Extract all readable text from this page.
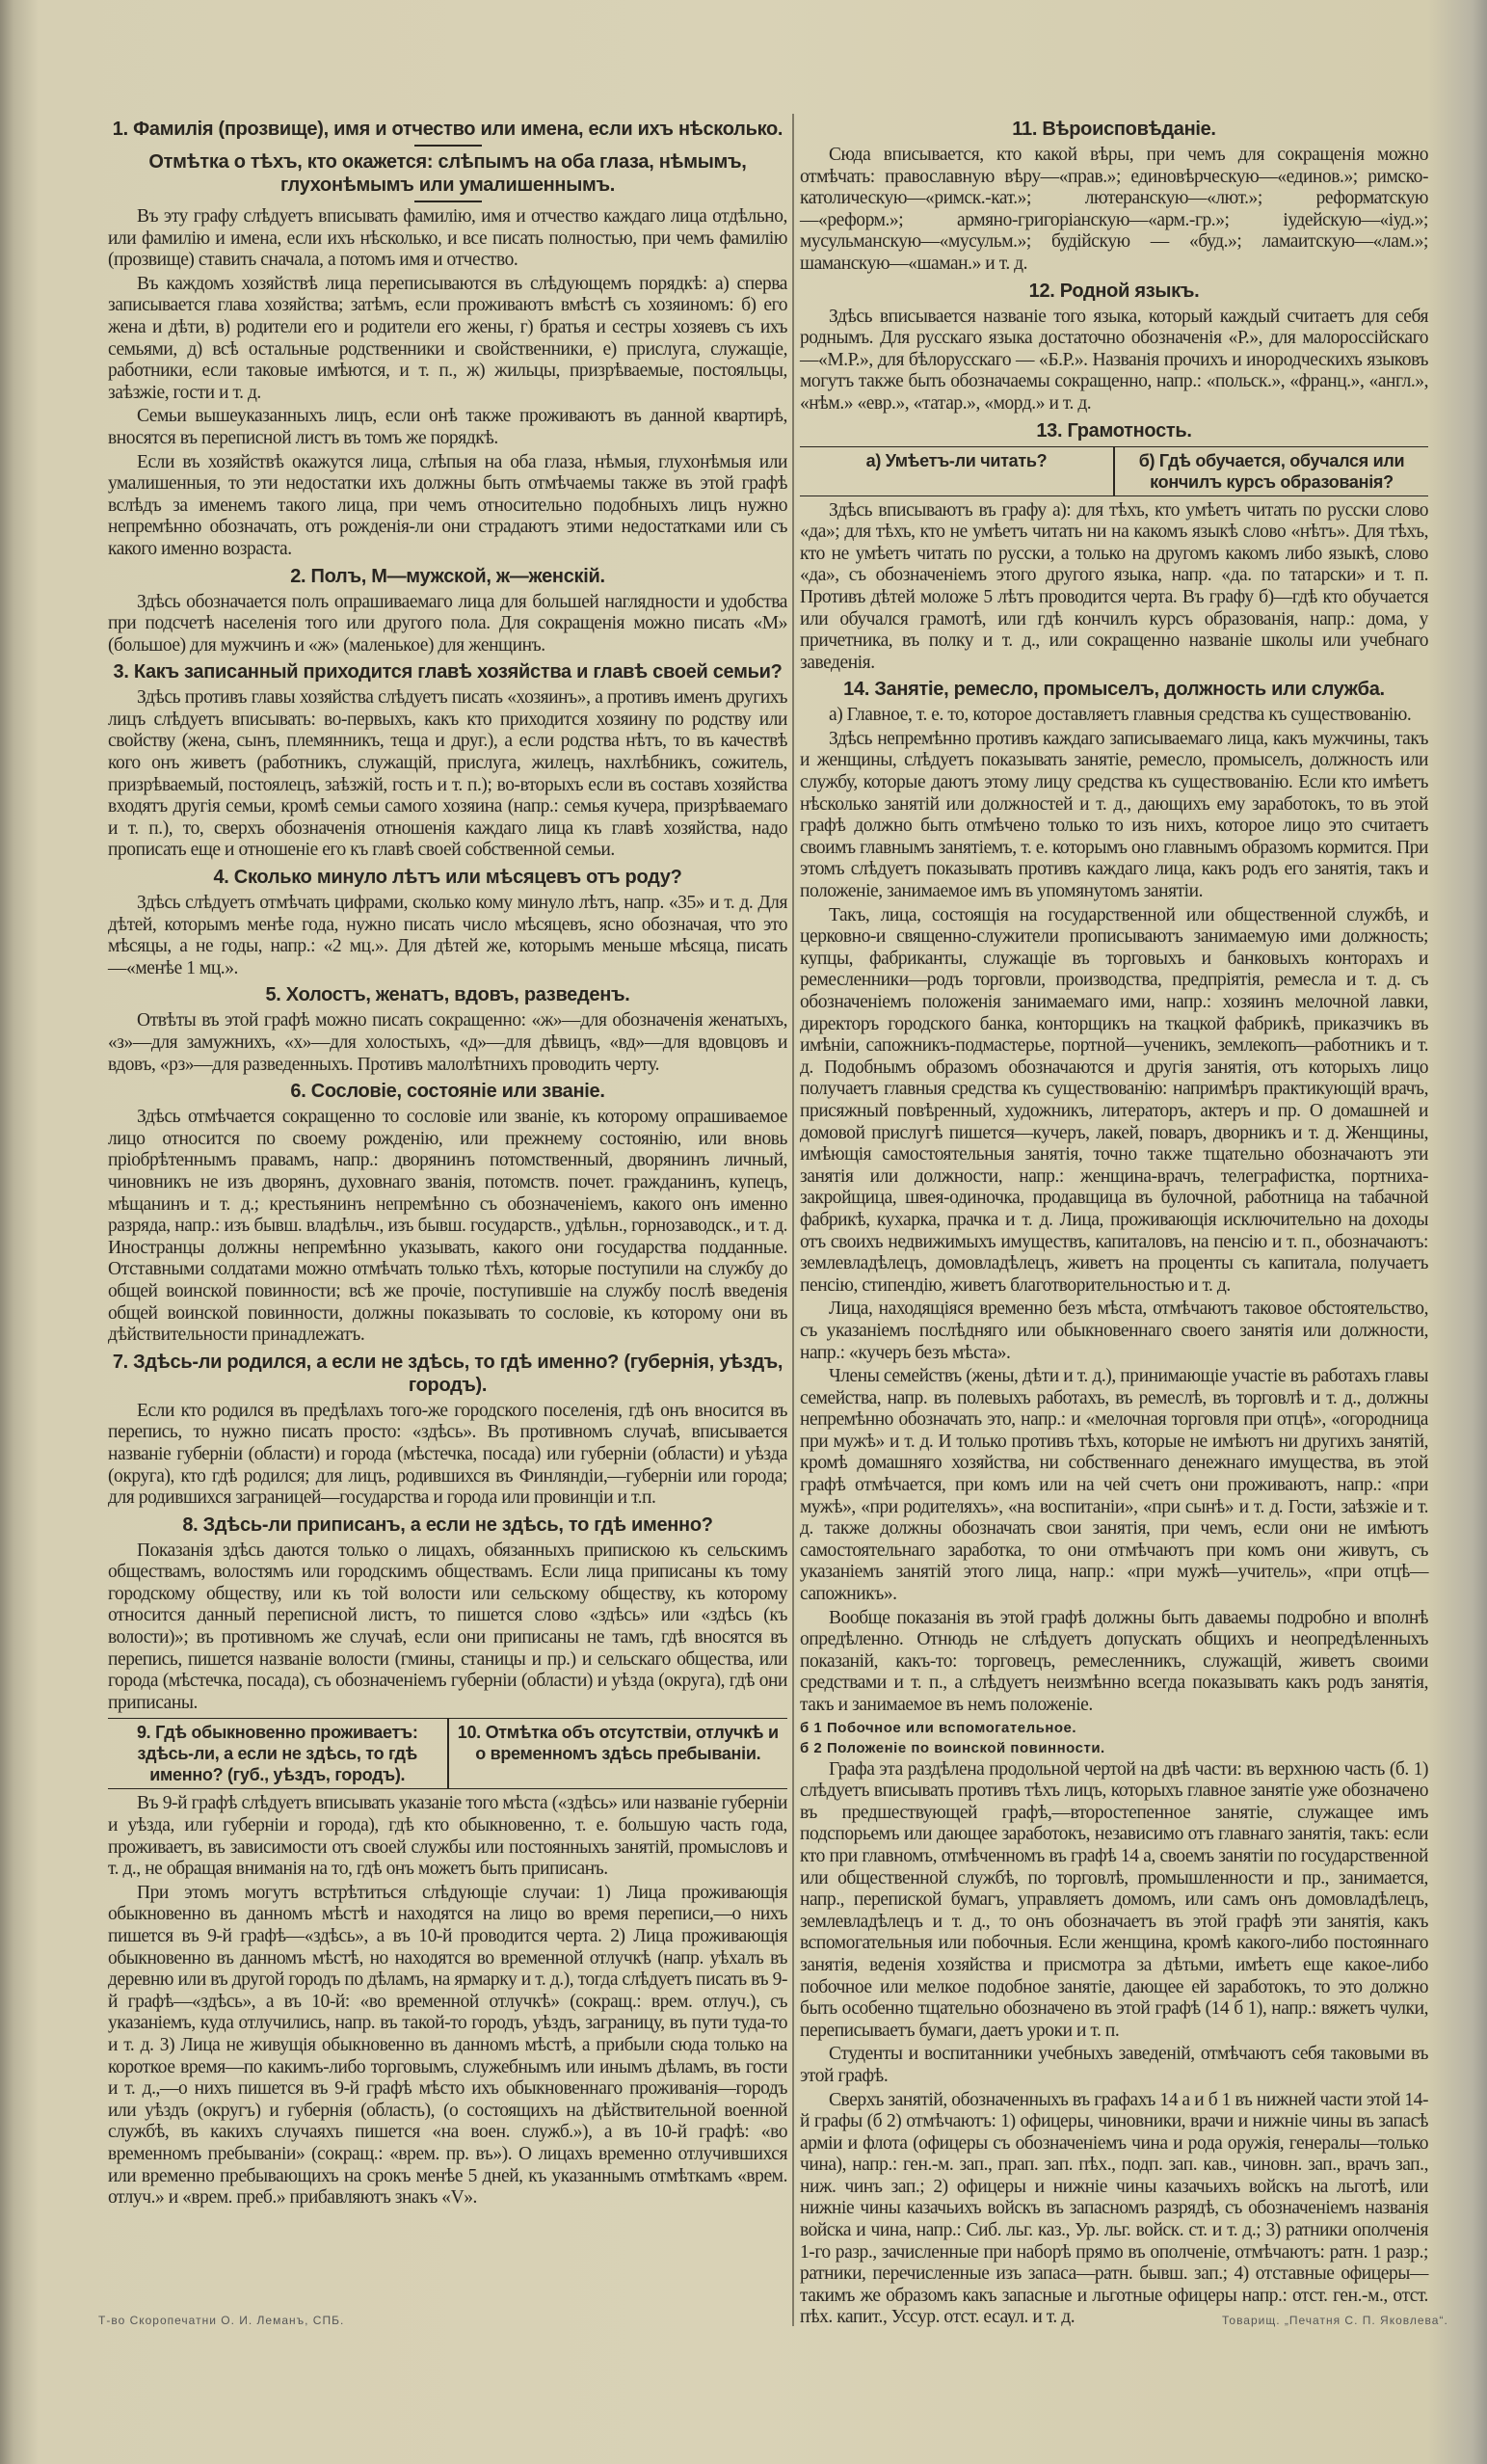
1. Фамилія (прозвище), имя и отчество или имена, если ихъ нѣсколько.
Отмѣтка о тѣхъ, кто окажется: слѣпымъ на оба глаза, нѣмымъ, глухонѣмымъ или умалишеннымъ.
Въ эту графу слѣдуетъ вписывать фамилію, имя и отчество каждаго лица отдѣльно, или фамилію и имена, если ихъ нѣсколько, и все писать полностью, при чемъ фамилію (прозвище) ставить сначала, а потомъ имя и отчество.
Въ каждомъ хозяйствѣ лица переписываются въ слѣдующемъ порядкѣ: а) сперва записывается глава хозяйства; затѣмъ, если проживаютъ вмѣстѣ съ хозяиномъ: б) его жена и дѣти, в) родители его и родители его жены, г) братья и сестры хозяевъ съ ихъ семьями, д) всѣ остальные родственники и свойственники, е) прислуга, служащіе, работники, если таковые имѣются, и т. п., ж) жильцы, призрѣваемые, постояльцы, заѣзжіе, гости и т. д.
Семьи вышеуказанныхъ лицъ, если онѣ также проживаютъ въ данной квартирѣ, вносятся въ переписной листъ въ томъ же порядкѣ.
Если въ хозяйствѣ окажутся лица, слѣпыя на оба глаза, нѣмыя, глухонѣмыя или умалишенныя, то эти недостатки ихъ должны быть отмѣчаемы также въ этой графѣ вслѣдъ за именемъ такого лица, при чемъ относительно подобныхъ лицъ нужно непремѣнно обозначать, отъ рожденія-ли они страдаютъ этими недостатками или съ какого именно возраста.
2. Полъ, М—мужской, ж—женскій.
Здѣсь обозначается полъ опрашиваемаго лица для большей наглядности и удобства при подсчетѣ населенія того или другого пола. Для сокращенія можно писать «М» (большое) для мужчинъ и «ж» (маленькое) для женщинъ.
3. Какъ записанный приходится главѣ хозяйства и главѣ своей семьи?
Здѣсь противъ главы хозяйства слѣдуетъ писать «хозяинъ», а противъ именъ другихъ лицъ слѣдуетъ вписывать: во-первыхъ, какъ кто приходится хозяину по родству или свойству (жена, сынъ, племянникъ, теща и друг.), а если родства нѣтъ, то въ качествѣ кого онъ живетъ (работникъ, служащій, прислуга, жилецъ, нахлѣбникъ, сожитель, призрѣваемый, постоялецъ, заѣзжій, гость и т. п.); во-вторыхъ если въ составъ хозяйства входятъ другія семьи, кромѣ семьи самого хозяина (напр.: семья кучера, призрѣваемаго и т. п.), то, сверхъ обозначенія отношенія каждаго лица къ главѣ хозяйства, надо прописать еще и отношеніе его къ главѣ своей собственной семьи.
4. Сколько минуло лѣтъ или мѣсяцевъ отъ роду?
Здѣсь слѣдуетъ отмѣчать цифрами, сколько кому минуло лѣтъ, напр. «35» и т. д. Для дѣтей, которымъ менѣе года, нужно писать число мѣсяцевъ, ясно обозначая, что это мѣсяцы, а не годы, напр.: «2 мц.». Для дѣтей же, которымъ меньше мѣсяца, писать—«менѣе 1 мц.».
5. Холостъ, женатъ, вдовъ, разведенъ.
Отвѣты въ этой графѣ можно писать сокращенно: «ж»—для обозначенія женатыхъ, «з»—для замужнихъ, «х»—для холостыхъ, «д»—для дѣвицъ, «вд»—для вдовцовъ и вдовъ, «рз»—для разведенныхъ. Противъ малолѣтнихъ проводить черту.
6. Сословіе, состояніе или званіе.
Здѣсь отмѣчается сокращенно то сословіе или званіе, къ которому опрашиваемое лицо относится по своему рожденію, или прежнему состоянію, или вновь пріобрѣтеннымъ правамъ, напр.: дворянинъ потомственный, дворянинъ личный, чиновникъ не изъ дворянъ, духовнаго званія, потомств. почет. гражданинъ, купецъ, мѣщанинъ и т. д.; крестьянинъ непремѣнно съ обозначеніемъ, какого онъ именно разряда, напр.: изъ бывш. владѣльч., изъ бывш. государств., удѣльн., горнозаводск., и т. д. Иностранцы должны непремѣнно указывать, какого они государства подданные. Отставными солдатами можно отмѣчать только тѣхъ, которые поступили на службу до общей воинской повинности; всѣ же прочіе, поступившіе на службу послѣ введенія общей воинской повинности, должны показывать то сословіе, къ которому они въ дѣйствительности принадлежатъ.
7. Здѣсь-ли родился, а если не здѣсь, то гдѣ именно? (губернія, уѣздъ, городъ).
Если кто родился въ предѣлахъ того-же городского поселенія, гдѣ онъ вносится въ перепись, то нужно писать просто: «здѣсь». Въ противномъ случаѣ, вписывается названіе губерніи (области) и города (мѣстечка, посада) или губерніи (области) и уѣзда (округа), кто гдѣ родился; для лицъ, родившихся въ Финляндіи,—губерніи или города; для родившихся заграницей—государства и города или провинціи и т.п.
8. Здѣсь-ли приписанъ, а если не здѣсь, то гдѣ именно?
Показанія здѣсь даются только о лицахъ, обязанныхъ припискою къ сельскимъ обществамъ, волостямъ или городскимъ обществамъ. Если лица приписаны къ тому городскому обществу, или къ той волости или сельскому обществу, къ которому относится данный переписной листъ, то пишется слово «здѣсь» или «здѣсь (къ волости)»; въ противномъ же случаѣ, если они приписаны не тамъ, гдѣ вносятся въ перепись, пишется названіе волости (гмины, станицы и пр.) и сельскаго общества, или города (мѣстечка, посада), съ обозначеніемъ губерніи (области) и уѣзда (округа), гдѣ они приписаны.
9. Гдѣ обыкновенно проживаетъ: здѣсь-ли, а если не здѣсь, то гдѣ именно? (губ., уѣздъ, городъ).
10. Отмѣтка объ отсутствіи, отлучкѣ и о временномъ здѣсь пребываніи.
Въ 9-й графѣ слѣдуетъ вписывать указаніе того мѣста («здѣсь» или названіе губерніи и уѣзда, или губерніи и города), гдѣ кто обыкновенно, т. е. большую часть года, проживаетъ, въ зависимости отъ своей службы или постоянныхъ занятій, промысловъ и т. д., не обращая вниманія на то, гдѣ онъ можетъ быть приписанъ.
При этомъ могутъ встрѣтиться слѣдующіе случаи: 1) Лица проживающія обыкновенно въ данномъ мѣстѣ и находятся на лицо во время переписи,—о нихъ пишется въ 9-й графѣ—«здѣсь», а въ 10-й проводится черта. 2) Лица проживающія обыкновенно въ данномъ мѣстѣ, но находятся во временной отлучкѣ (напр. уѣхалъ въ деревню или въ другой городъ по дѣламъ, на ярмарку и т. д.), тогда слѣдуетъ писать въ 9-й графѣ—«здѣсь», а въ 10-й: «во временной отлучкѣ» (сокращ.: врем. отлуч.), съ указаніемъ, куда отлучились, напр. въ такой-то городъ, уѣздъ, заграницу, въ пути туда-то и т. д. 3) Лица не живущія обыкновенно въ данномъ мѣстѣ, а прибыли сюда только на короткое время—по какимъ-либо торговымъ, служебнымъ или инымъ дѣламъ, въ гости и т. д.,—о нихъ пишется въ 9-й графѣ мѣсто ихъ обыкновеннаго проживанія—городъ или уѣздъ (округъ) и губернія (область), (о состоящихъ на дѣйствительной военной службѣ, въ какихъ случаяхъ пишется «на воен. служб.»), а въ 10-й графѣ: «во временномъ пребываніи» (сокращ.: «врем. пр. въ»). О лицахъ временно отлучившихся или временно пребывающихъ на срокъ менѣе 5 дней, къ указаннымъ отмѣткамъ «врем. отлуч.» и «врем. преб.» прибавляютъ знакъ «V».
11. Вѣроисповѣданіе.
Сюда вписывается, кто какой вѣры, при чемъ для сокращенія можно отмѣчать: православную вѣру—«прав.»; единовѣрческую—«единов.»; римско-католическую—«римск.-кат.»; лютеранскую—«лют.»; реформатскую—«реформ.»; армяно-григоріанскую—«арм.-гр.»; іудейскую—«іуд.»; мусульманскую—«мусульм.»; будійскую — «буд.»; ламаитскую—«лам.»; шаманскую—«шаман.» и т. д.
12. Родной языкъ.
Здѣсь вписывается названіе того языка, который каждый считаетъ для себя роднымъ. Для русскаго языка достаточно обозначенія «Р.», для малороссійскаго—«М.Р.», для бѣлорусскаго — «Б.Р.». Названія прочихъ и инородческихъ языковъ могутъ также быть обозначаемы сокращенно, напр.: «польск.», «франц.», «англ.», «нѣм.» «евр.», «татар.», «морд.» и т. д.
13. Грамотность.
а) Умѣетъ-ли читать?	б) Гдѣ обучается, обучался или кончилъ курсъ образованія?
Здѣсь вписываютъ въ графу а): для тѣхъ, кто умѣетъ читать по русски слово «да»; для тѣхъ, кто не умѣетъ читать ни на какомъ языкѣ слово «нѣтъ». Для тѣхъ, кто не умѣетъ читать по русски, а только на другомъ какомъ либо языкѣ, слово «да», съ обозначеніемъ этого другого языка, напр. «да. по татарски» и т. п. Противъ дѣтей моложе 5 лѣтъ проводится черта. Въ графу б)—гдѣ кто обучается или обучался грамотѣ, или гдѣ кончилъ курсъ образованія, напр.: дома, у причетника, въ полку и т. д., или сокращенно названіе школы или учебнаго заведенія.
14. Занятіе, ремесло, промыселъ, должность или служба.
а) Главное, т. е. то, которое доставляетъ главныя средства къ существованію.
Здѣсь непремѣнно противъ каждаго записываемаго лица, какъ мужчины, такъ и женщины, слѣдуетъ показывать занятіе, ремесло, промыселъ, должность или службу, которые даютъ этому лицу средства къ существованію. Если кто имѣетъ нѣсколько занятій или должностей и т. д., дающихъ ему заработокъ, то въ этой графѣ должно быть отмѣчено только то изъ нихъ, которое лицо это считаетъ своимъ главнымъ занятіемъ, т. е. которымъ оно главнымъ образомъ кормится. При этомъ слѣдуетъ показывать противъ каждаго лица, какъ родъ его занятія, такъ и положеніе, занимаемое имъ въ упомянутомъ занятіи.
Такъ, лица, состоящія на государственной или общественной службѣ, и церковно-и священно-служители прописываютъ занимаемую ими должность; купцы, фабриканты, служащіе въ торговыхъ и банковыхъ конторахъ и ремесленники—родъ торговли, производства, предпріятія, ремесла и т. д. съ обозначеніемъ положенія занимаемаго ими, напр.: хозяинъ мелочной лавки, директоръ городского банка, конторщикъ на ткацкой фабрикѣ, приказчикъ въ имѣніи, сапожникъ-подмастерье, портной—ученикъ, землекопъ—работникъ и т. д. Подобнымъ образомъ обозначаются и другія занятія, отъ которыхъ лицо получаетъ главныя средства къ существованію: напримѣръ практикующій врачъ, присяжный повѣренный, художникъ, литераторъ, актеръ и пр. О домашней и домовой прислугѣ пишется—кучеръ, лакей, поваръ, дворникъ и т. д. Женщины, имѣющія самостоятельныя занятія, точно также тщательно обозначаютъ эти занятія или должности, напр.: женщина-врачъ, телеграфистка, портниха-закройщица, швея-одиночка, продавщица въ булочной, работница на табачной фабрикѣ, кухарка, прачка и т. д. Лица, проживающія исключительно на доходы отъ своихъ недвижимыхъ имуществъ, капиталовъ, на пенсію и т. п., обозначаютъ: землевладѣлецъ, домовладѣлецъ, живетъ на проценты съ капитала, получаетъ пенсію, стипендію, живетъ благотворительностью и т. д.
Лица, находящіяся временно безъ мѣста, отмѣчаютъ таковое обстоятельство, съ указаніемъ послѣдняго или обыкновеннаго своего занятія или должности, напр.: «кучеръ безъ мѣста».
Члены семействъ (жены, дѣти и т. д.), принимающіе участіе въ работахъ главы семейства, напр. въ полевыхъ работахъ, въ ремеслѣ, въ торговлѣ и т. д., должны непремѣнно обозначать это, напр.: и «мелочная торговля при отцѣ», «огородница при мужѣ» и т. д. И только противъ тѣхъ, которые не имѣютъ ни другихъ занятій, кромѣ домашняго хозяйства, ни собственнаго денежнаго имущества, въ этой графѣ отмѣчается, при комъ или на чей счетъ они проживаютъ, напр.: «при мужѣ», «при родителяхъ», «на воспитаніи», «при сынѣ» и т. д. Гости, заѣзжіе и т. д. также должны обозначать свои занятія, при чемъ, если они не имѣютъ самостоятельнаго заработка, то они отмѣчаютъ при комъ они живутъ, съ указаніемъ занятій этого лица, напр.: «при мужѣ—учитель», «при отцѣ—сапожникъ».
Вообще показанія въ этой графѣ должны быть даваемы подробно и вполнѣ опредѣленно. Отнюдь не слѣдуетъ допускать общихъ и неопредѣленныхъ показаній, какъ-то: торговецъ, ремесленникъ, служащій, живетъ своими средствами и т. п., а слѣдуетъ неизмѣнно всегда показывать какъ родъ занятія, такъ и занимаемое въ немъ положеніе.
б 1 Побочное или вспомогательное.
б 2 Положеніе по воинской повинности.
Графа эта раздѣлена продольной чертой на двѣ части: въ верхнюю часть (б. 1) слѣдуетъ вписывать противъ тѣхъ лицъ, которыхъ главное занятіе уже обозначено въ предшествующей графѣ,—второстепенное занятіе, служащее имъ подспорьемъ или дающее заработокъ, независимо отъ главнаго занятія, такъ: если кто при главномъ, отмѣченномъ въ графѣ 14 а, своемъ занятіи по государственной или общественной службѣ, по торговлѣ, промышленности и пр., занимается, напр., перепиской бумагъ, управляетъ домомъ, или самъ онъ домовладѣлецъ, землевладѣлецъ и т. д., то онъ обозначаетъ въ этой графѣ эти занятія, какъ вспомогательныя или побочныя. Если женщина, кромѣ какого-либо постояннаго занятія, веденія хозяйства и присмотра за дѣтьми, имѣетъ еще какое-либо побочное или мелкое подобное занятіе, дающее ей заработокъ, то это должно быть особенно тщательно обозначено въ этой графѣ (14 б 1), напр.: вяжетъ чулки, переписываетъ бумаги, даетъ уроки и т. п.
Студенты и воспитанники учебныхъ заведеній, отмѣчаютъ себя таковыми въ этой графѣ.
Сверхъ занятій, обозначенныхъ въ графахъ 14 а и б 1 въ нижней части этой 14-й графы (б 2) отмѣчаютъ: 1) офицеры, чиновники, врачи и нижніе чины въ запасѣ арміи и флота (офицеры съ обозначеніемъ чина и рода оружія, генералы—только чина), напр.: ген.-м. зап., прап. зап. пѣх., подп. зап. кав., чиновн. зап., врачъ зап., ниж. чинъ зап.; 2) офицеры и нижніе чины казачьихъ войскъ на льготѣ, или нижніе чины казачьихъ войскъ въ запасномъ разрядѣ, съ обозначеніемъ названія войска и чина, напр.: Сиб. льг. каз., Ур. льг. войск. ст. и т. д.; 3) ратники ополченія 1-го разр., зачисленные при наборѣ прямо въ ополченіе, отмѣчаютъ: ратн. 1 разр.; ратники, перечисленные изъ запаса—ратн. бывш. зап.; 4) отставные офицеры—такимъ же образомъ какъ запасные и льготные офицеры напр.: отст. ген.-м., отст. пѣх. капит., Уссур. отст. есаул. и т. д.
Т-во Скоропечатни О. И. Леманъ, СПБ.	Товарищ. „Печатня С. П. Яковлева“.
